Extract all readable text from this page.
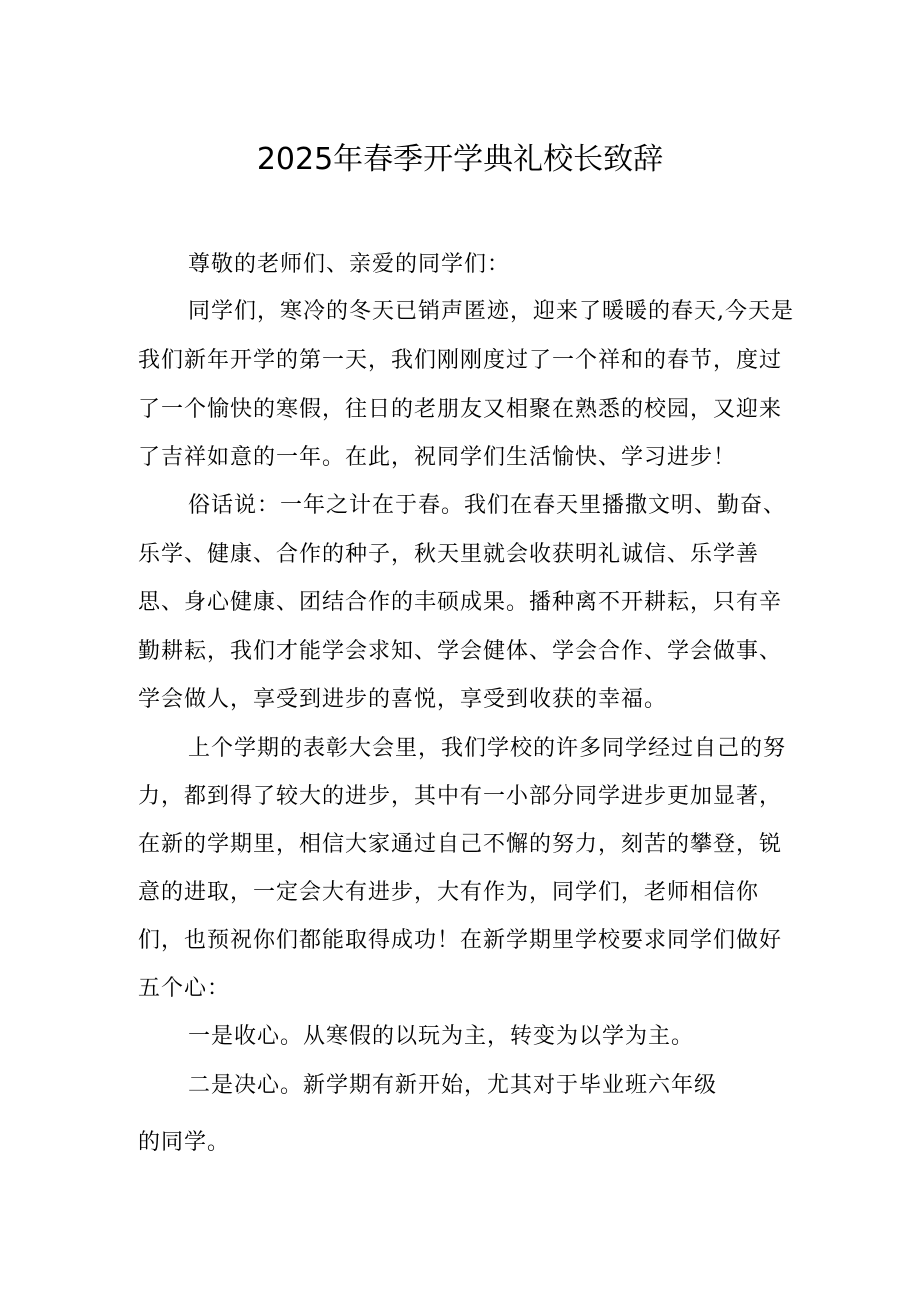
2025年春季开学典礼校长致辞
尊敬的老师们、亲爱的同学们：
同学们，寒冷的冬天已销声匿迹，迎来了暖暖的春天,今天是
我们新年开学的第一天，我们刚刚度过了一个祥和的春节，度过
了一个愉快的寒假，往日的老朋友又相聚在熟悉的校园，又迎来
了吉祥如意的一年。在此，祝同学们生活愉快、学习进步！
俗话说：一年之计在于春。我们在春天里播撒文明、勤奋、
乐学、健康、合作的种子，秋天里就会收获明礼诚信、乐学善
思、身心健康、团结合作的丰硕成果。播种离不开耕耘，只有辛
勤耕耘，我们才能学会求知、学会健体、学会合作、学会做事、
学会做人，享受到进步的喜悦，享受到收获的幸福。
上个学期的表彰大会里，我们学校的许多同学经过自己的努
力，都到得了较大的进步，其中有一小部分同学进步更加显著，
在新的学期里，相信大家通过自己不懈的努力，刻苦的攀登，锐
意的进取，一定会大有进步，大有作为，同学们，老师相信你
们，也预祝你们都能取得成功！在新学期里学校要求同学们做好
五个心：
一是收心。从寒假的以玩为主，转变为以学为主。
二是决心。新学期有新开始，尤其对于毕业班六年级
的同学。
